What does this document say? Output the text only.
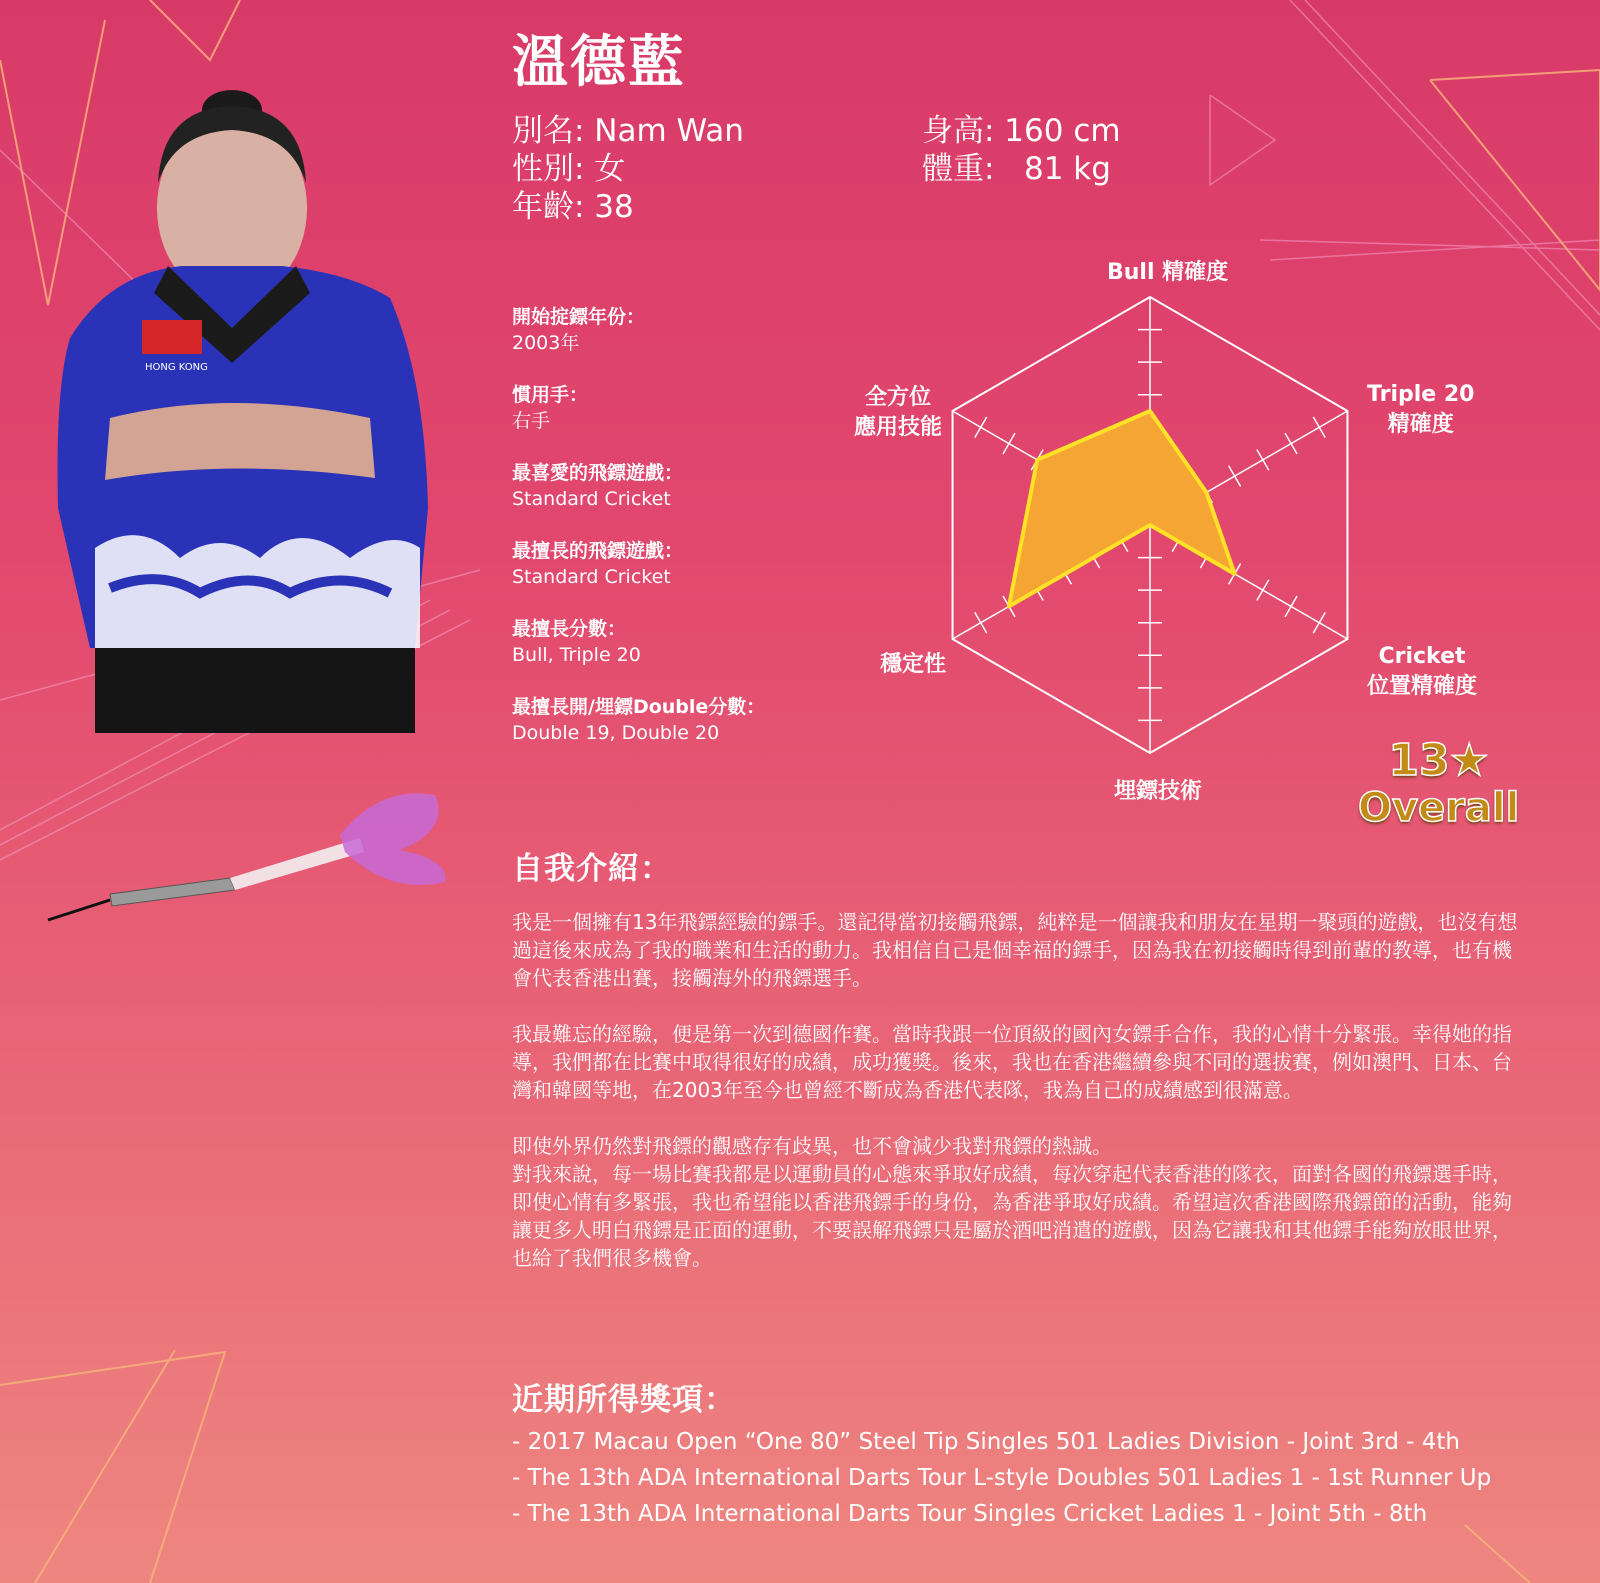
HONG KONG
溫德藍
別名: Nam Wan
性別: 女
年齡: 38
身高: 160 cm
體重:   81 kg
開始掟鏢年份：
2003年
慣用手：
右手
最喜愛的飛鏢遊戲：
Standard Cricket
最擅長的飛鏢遊戲：
Standard Cricket
最擅長分數：
Bull, Triple 20
最擅長開/埋鏢Double分數：
Double 19, Double 20
Bull 精確度
Triple 20
精確度
Cricket
位置精確度
埋鏢技術
穩定性
全方位
應用技能
13★
Overall
自我介紹：

我是一個擁有13年飛鏢經驗的鏢手。還記得當初接觸飛鏢，純粹是一個讓我和朋友在星期一聚頭的遊戲，也沒有想過這後來成為了我的職業和生活的動力。我相信自己是個幸福的鏢手，因為我在初接觸時得到前輩的教導，也有機會代表香港出賽，接觸海外的飛鏢選手。

我最難忘的經驗，便是第一次到德國作賽。當時我跟一位頂級的國內女鏢手合作，我的心情十分緊張。幸得她的指導，我們都在比賽中取得很好的成績，成功獲獎。後來，我也在香港繼續參與不同的選拔賽，例如澳門、日本、台灣和韓國等地，在2003年至今也曾經不斷成為香港代表隊，我為自己的成績感到很滿意。

即使外界仍然對飛鏢的觀感存有歧異，也不會減少我對飛鏢的熱誠。

對我來說，每一場比賽我都是以運動員的心態來爭取好成績，每次穿起代表香港的隊衣，面對各國的飛鏢選手時，即使心情有多緊張，我也希望能以香港飛鏢手的身份，為香港爭取好成績。希望這次香港國際飛鏢節的活動，能夠讓更多人明白飛鏢是正面的運動，不要誤解飛鏢只是屬於酒吧消遣的遊戲，因為它讓我和其他鏢手能夠放眼世界，也給了我們很多機會。

近期所得獎項：
- 2017 Macau Open “One 80” Steel Tip Singles 501 Ladies Division - Joint 3rd - 4th
- The 13th ADA International Darts Tour L-style Doubles 501 Ladies 1 - 1st Runner Up
- The 13th ADA International Darts Tour Singles Cricket Ladies 1 - Joint 5th - 8th
